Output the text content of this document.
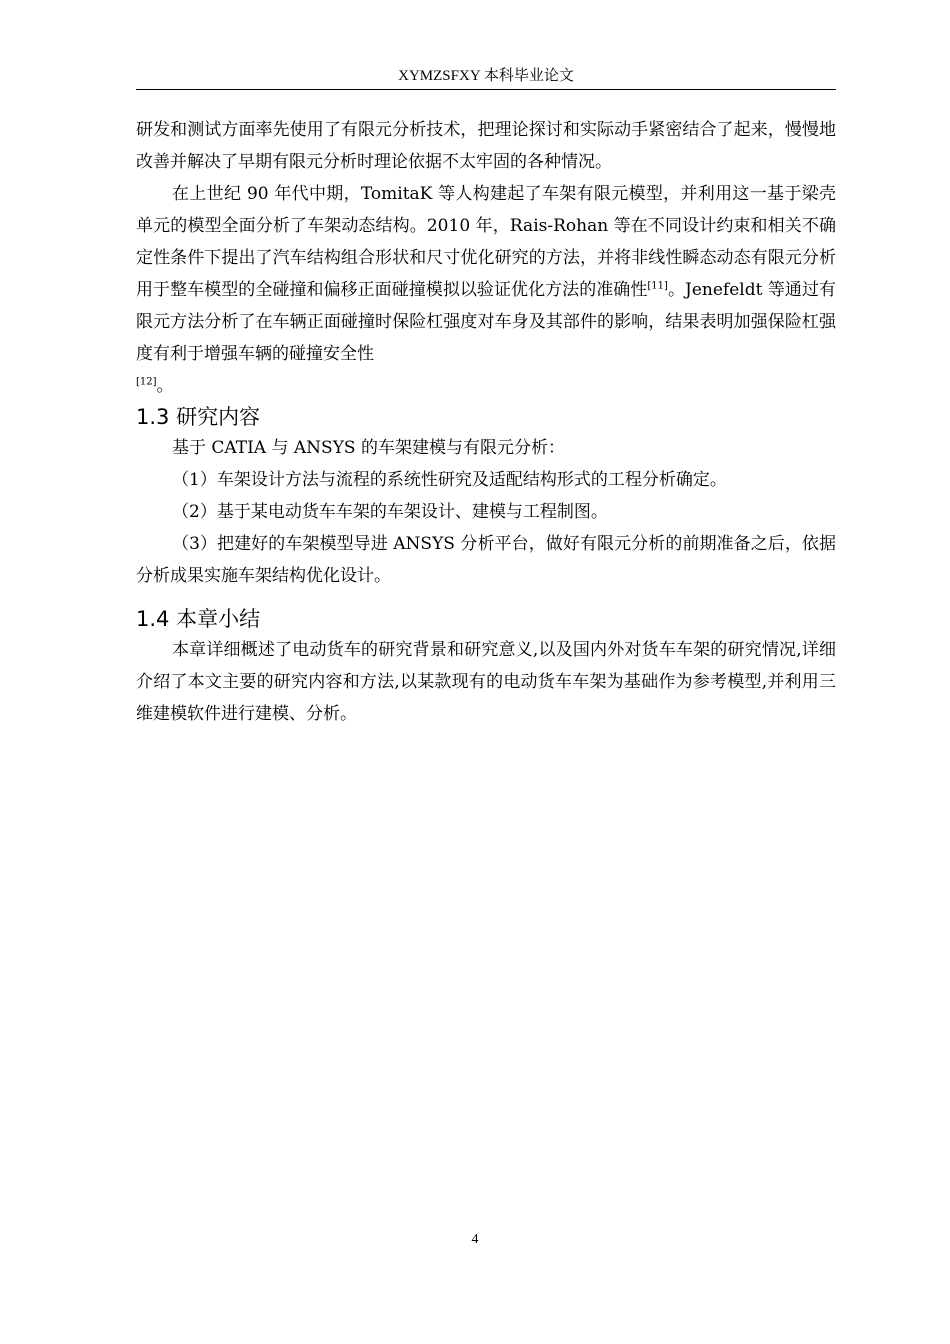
XYMZSFXY 本科毕业论文

研发和测试方面率先使用了有限元分析技术，把理论探讨和实际动手紧密结合了起来，慢慢地改善并解决了早期有限元分析时理论依据不太牢固的各种情况。

在上世纪 90 年代中期，TomitaK 等人构建起了车架有限元模型，并利用这一基于梁壳单元的模型全面分析了车架动态结构。2010 年，Rais-Rohan 等在不同设计约束和相关不确定性条件下提出了汽车结构组合形状和尺寸优化研究的方法，并将非线性瞬态动态有限元分析用于整车模型的全碰撞和偏移正面碰撞模拟以验证优化方法的准确性[11]。Jenefeldt 等通过有限元方法分析了在车辆正面碰撞时保险杠强度对车身及其部件的影响，结果表明加强保险杠强度有利于增强车辆的碰撞安全性
[12]。

1.3 研究内容

基于 CATIA 与 ANSYS 的车架建模与有限元分析：

（1）车架设计方法与流程的系统性研究及适配结构形式的工程分析确定。

（2）基于某电动货车车架的车架设计、建模与工程制图。

（3）把建好的车架模型导进 ANSYS 分析平台，做好有限元分析的前期准备之后，依据分析成果实施车架结构优化设计。

1.4 本章小结

本章详细概述了电动货车的研究背景和研究意义,以及国内外对货车车架的研究情况,详细介绍了本文主要的研究内容和方法,以某款现有的电动货车车架为基础作为参考模型,并利用三维建模软件进行建模、分析。

4
